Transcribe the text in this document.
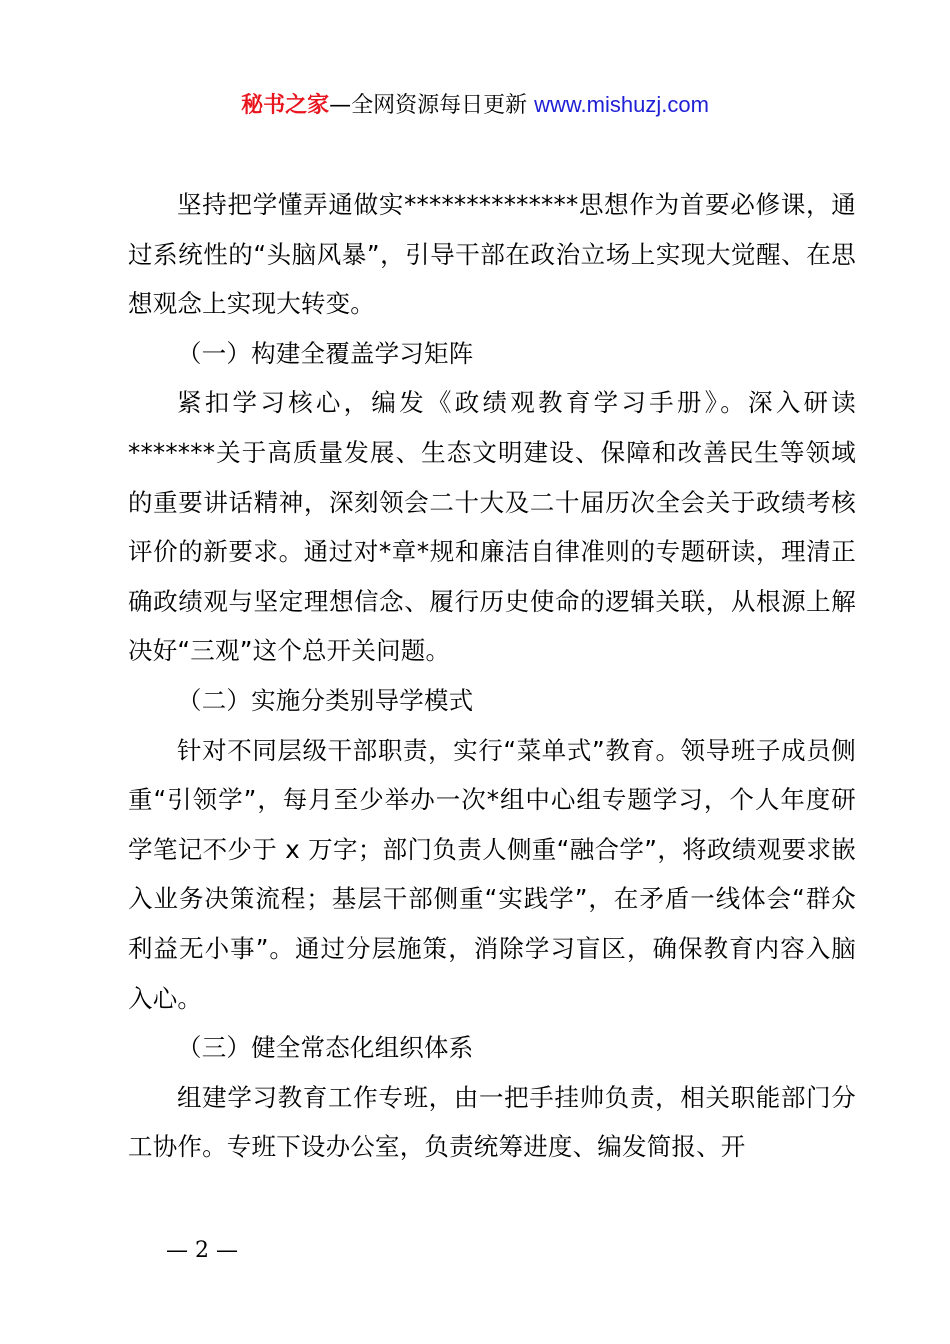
秘书之家—全网资源每日更新 www.mishuzj.com

坚持把学懂弄通做实**************思想作为首要必修课，通过系统性的“头脑风暴”，引导干部在政治立场上实现大觉醒、在思想观念上实现大转变。

（一）构建全覆盖学习矩阵

紧扣学习核心，编发《政绩观教育学习手册》。深入研读*******关于高质量发展、生态文明建设、保障和改善民生等领域的重要讲话精神，深刻领会二十大及二十届历次全会关于政绩考核评价的新要求。通过对*章*规和廉洁自律准则的专题研读，理清正确政绩观与坚定理想信念、履行历史使命的逻辑关联，从根源上解决好“三观”这个总开关问题。

（二）实施分类别导学模式

针对不同层级干部职责，实行“菜单式”教育。领导班子成员侧重“引领学”，每月至少举办一次*组中心组专题学习，个人年度研学笔记不少于 x 万字；部门负责人侧重“融合学”，将政绩观要求嵌入业务决策流程；基层干部侧重“实践学”，在矛盾一线体会“群众利益无小事”。通过分层施策，消除学习盲区，确保教育内容入脑入心。

（三）健全常态化组织体系

组建学习教育工作专班，由一把手挂帅负责，相关职能部门分工协作。专班下设办公室，负责统筹进度、编发简报、开

— 2 —
